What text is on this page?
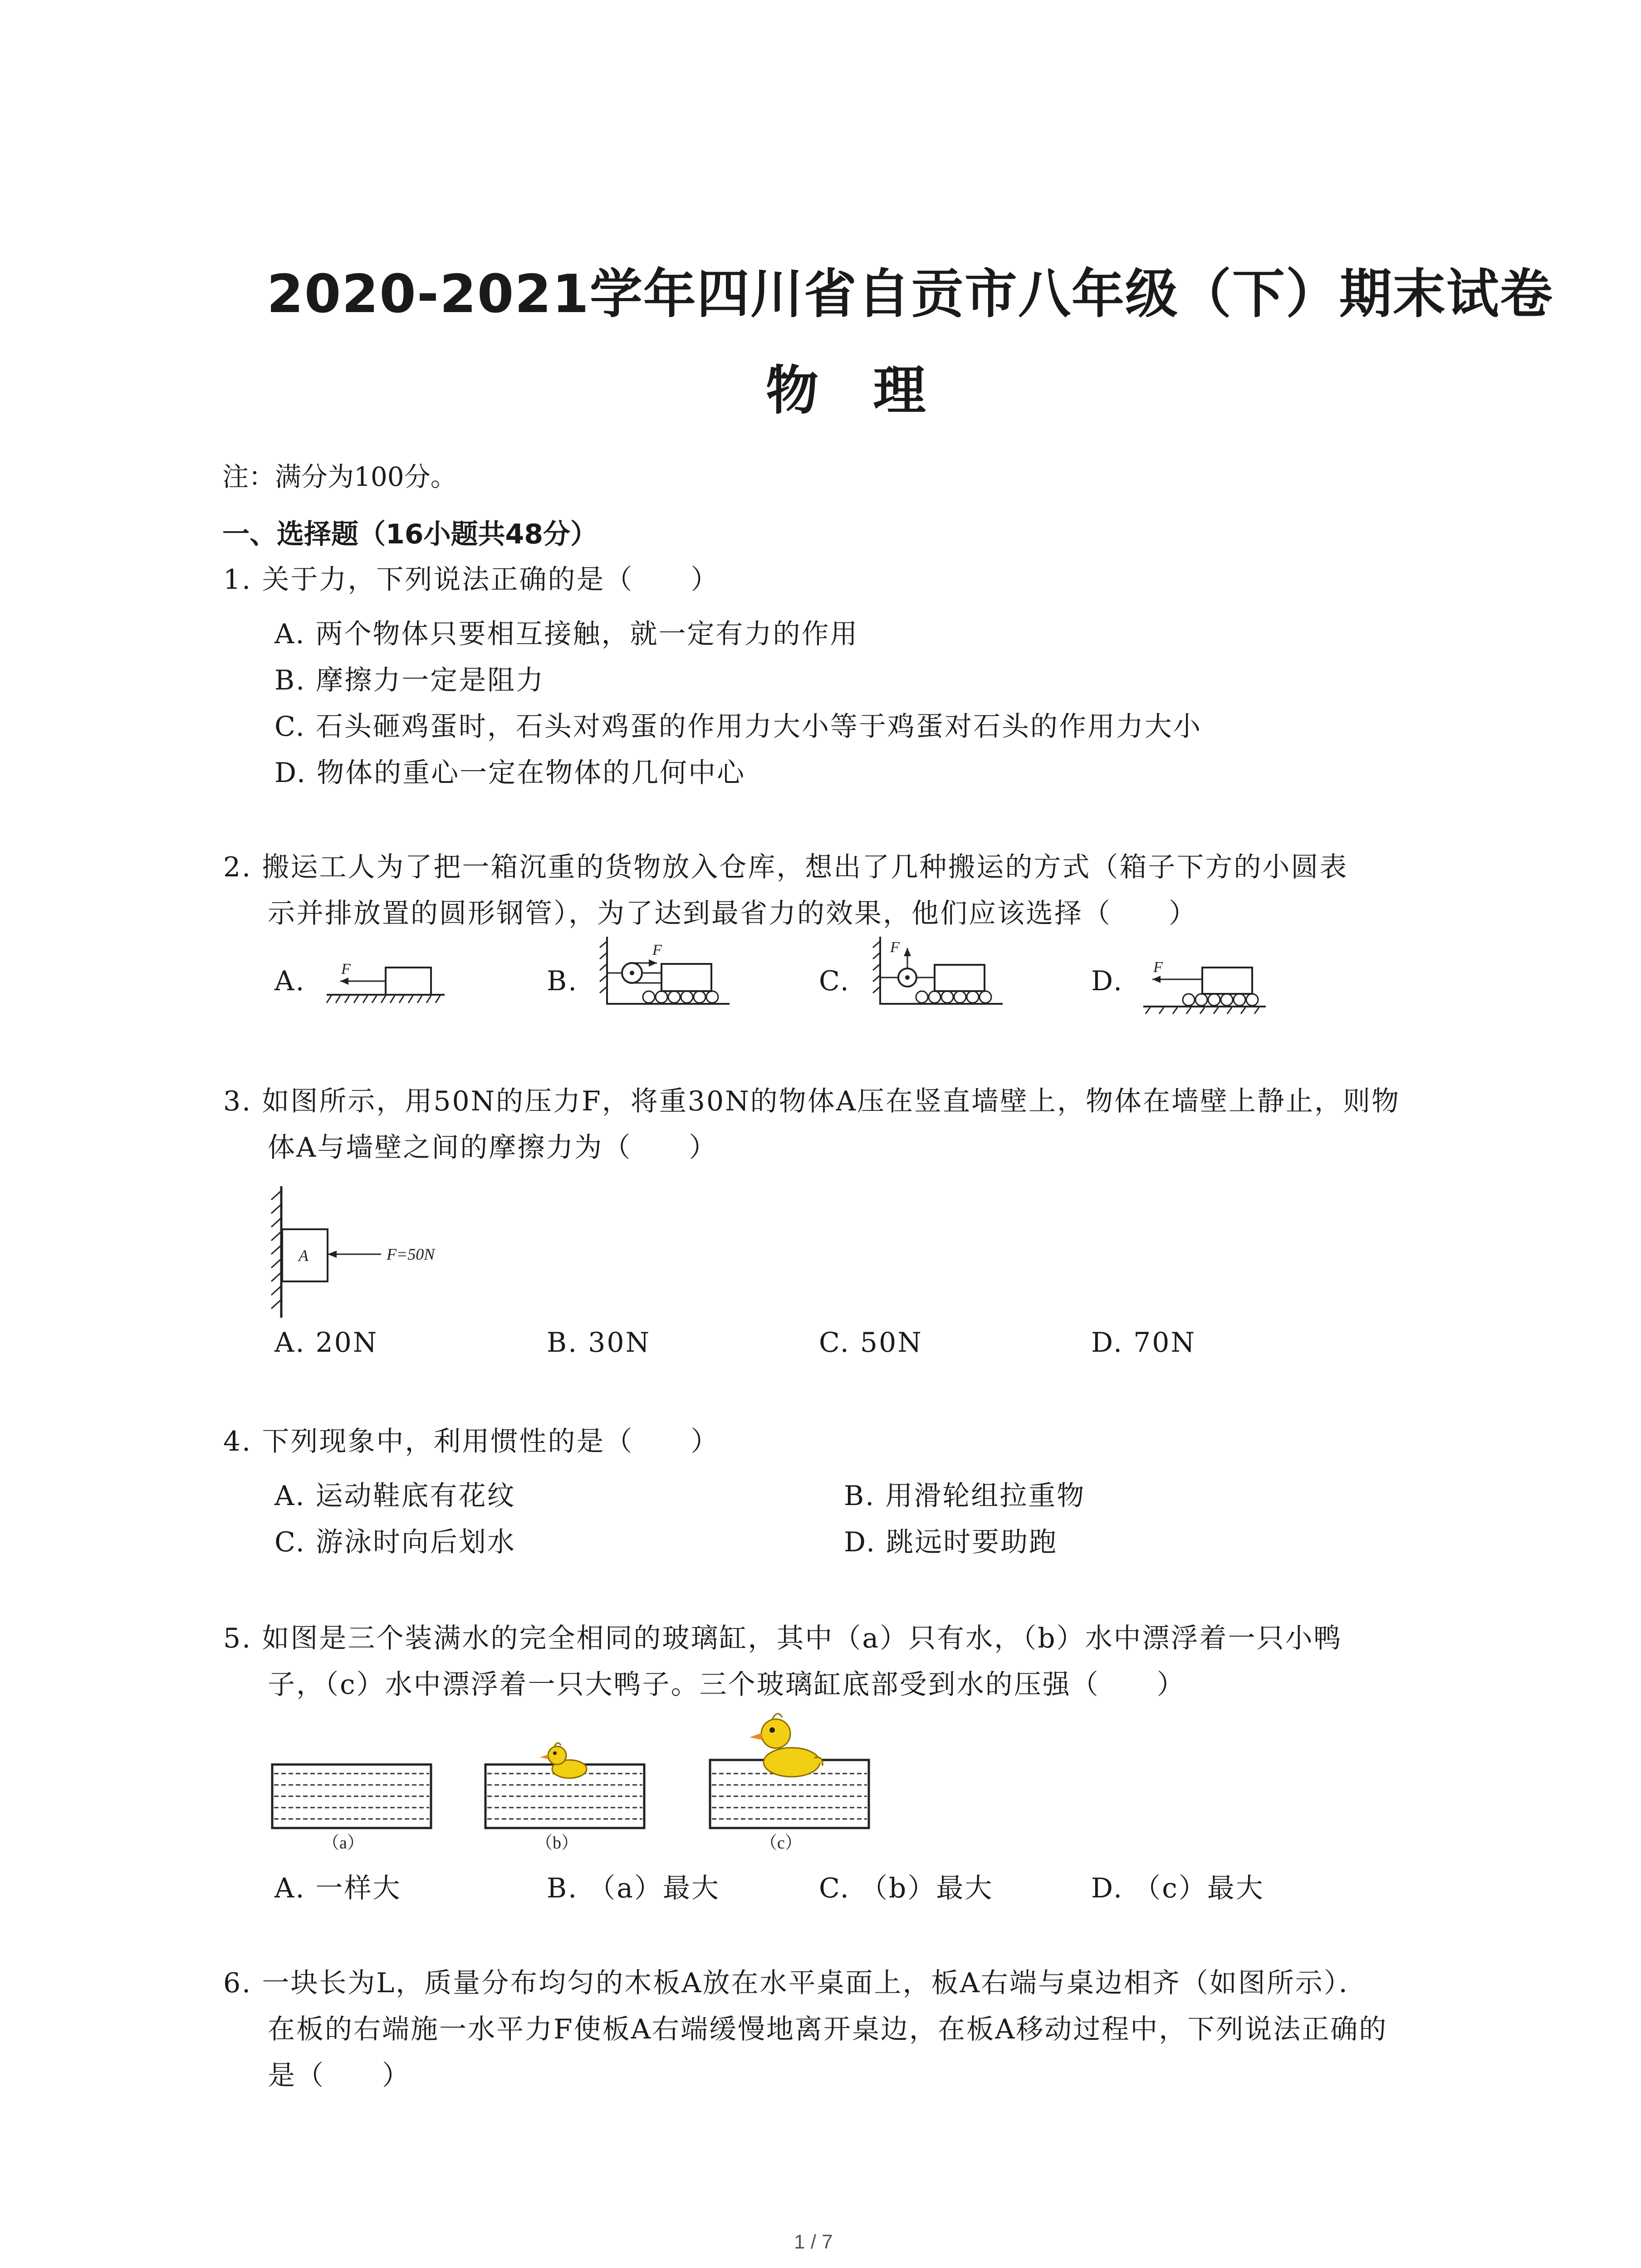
2020-2021学年四川省自贡市八年级（下）期末试卷
物 理
注：满分为100分。
一、选择题（16小题共48分）
1. 关于力，下列说法正确的是（　　）
A. 两个物体只要相互接触，就一定有力的作用
B. 摩擦力一定是阻力
C. 石头砸鸡蛋时，石头对鸡蛋的作用力大小等于鸡蛋对石头的作用力大小
D. 物体的重心一定在物体的几何中心
2. 搬运工人为了把一箱沉重的货物放入仓库，想出了几种搬运的方式（箱子下方的小圆表
示并排放置的圆形钢管），为了达到最省力的效果，他们应该选择（　　）
A.	B.	C.	D.
F
F	F
F
3. 如图所示，用50N的压力F，将重30N的物体A压在竖直墙壁上，物体在墙壁上静止，则物
体A与墙壁之间的摩擦力为（　　）
A	F=50N
A. 20N	B. 30N	C. 50N	D. 70N
4. 下列现象中，利用惯性的是（　　）
A. 运动鞋底有花纹	B. 用滑轮组拉重物
C. 游泳时向后划水	D. 跳远时要助跑
5. 如图是三个装满水的完全相同的玻璃缸，其中（a）只有水，（b）水中漂浮着一只小鸭
子，（c）水中漂浮着一只大鸭子。三个玻璃缸底部受到水的压强（　　）
（a）	（b）	（c）
A. 一样大	B. （a）最大	C. （b）最大	D. （c）最大
6. 一块长为L，质量分布均匀的木板A放在水平桌面上，板A右端与桌边相齐（如图所示）．
在板的右端施一水平力F使板A右端缓慢地离开桌边，在板A移动过程中，下列说法正确的
是（　　）
1 / 7
